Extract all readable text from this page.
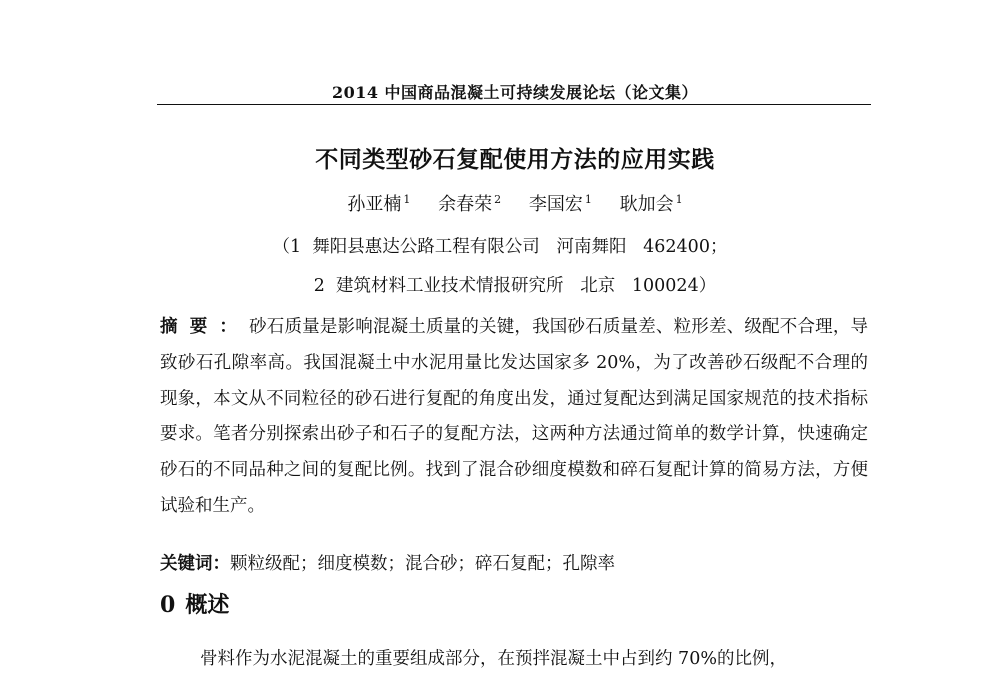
2014 中国商品混凝土可持续发展论坛（论文集）
不同类型砂石复配使用方法的应用实践
孙亚楠 $^1$ 余春荣 $^2$ 李国宏 $^1$ 耿加会 $^1$
（1  舞阳县惠达公路工程有限公司   河南舞阳   462400；
2  建筑材料工业技术情报研究所   北京   100024）
摘要：砂石质量是影响混凝土质量的关键，我国砂石质量差、粒形差、级配不合理，导致砂石孔隙率高。我国混凝土中水泥用量比发达国家多 20%，为了改善砂石级配不合理的现象，本文从不同粒径的砂石进行复配的角度出发，通过复配达到满足国家规范的技术指标要求。笔者分别探索出砂子和石子的复配方法，这两种方法通过简单的数学计算，快速确定砂石的不同品种之间的复配比例。找到了混合砂细度模数和碎石复配计算的简易方法，方便试验和生产。
关键词：颗粒级配；细度模数；混合砂；碎石复配；孔隙率
0 概述
骨料作为水泥混凝土的重要组成部分，在预拌混凝土中占到约 70%的比例，
